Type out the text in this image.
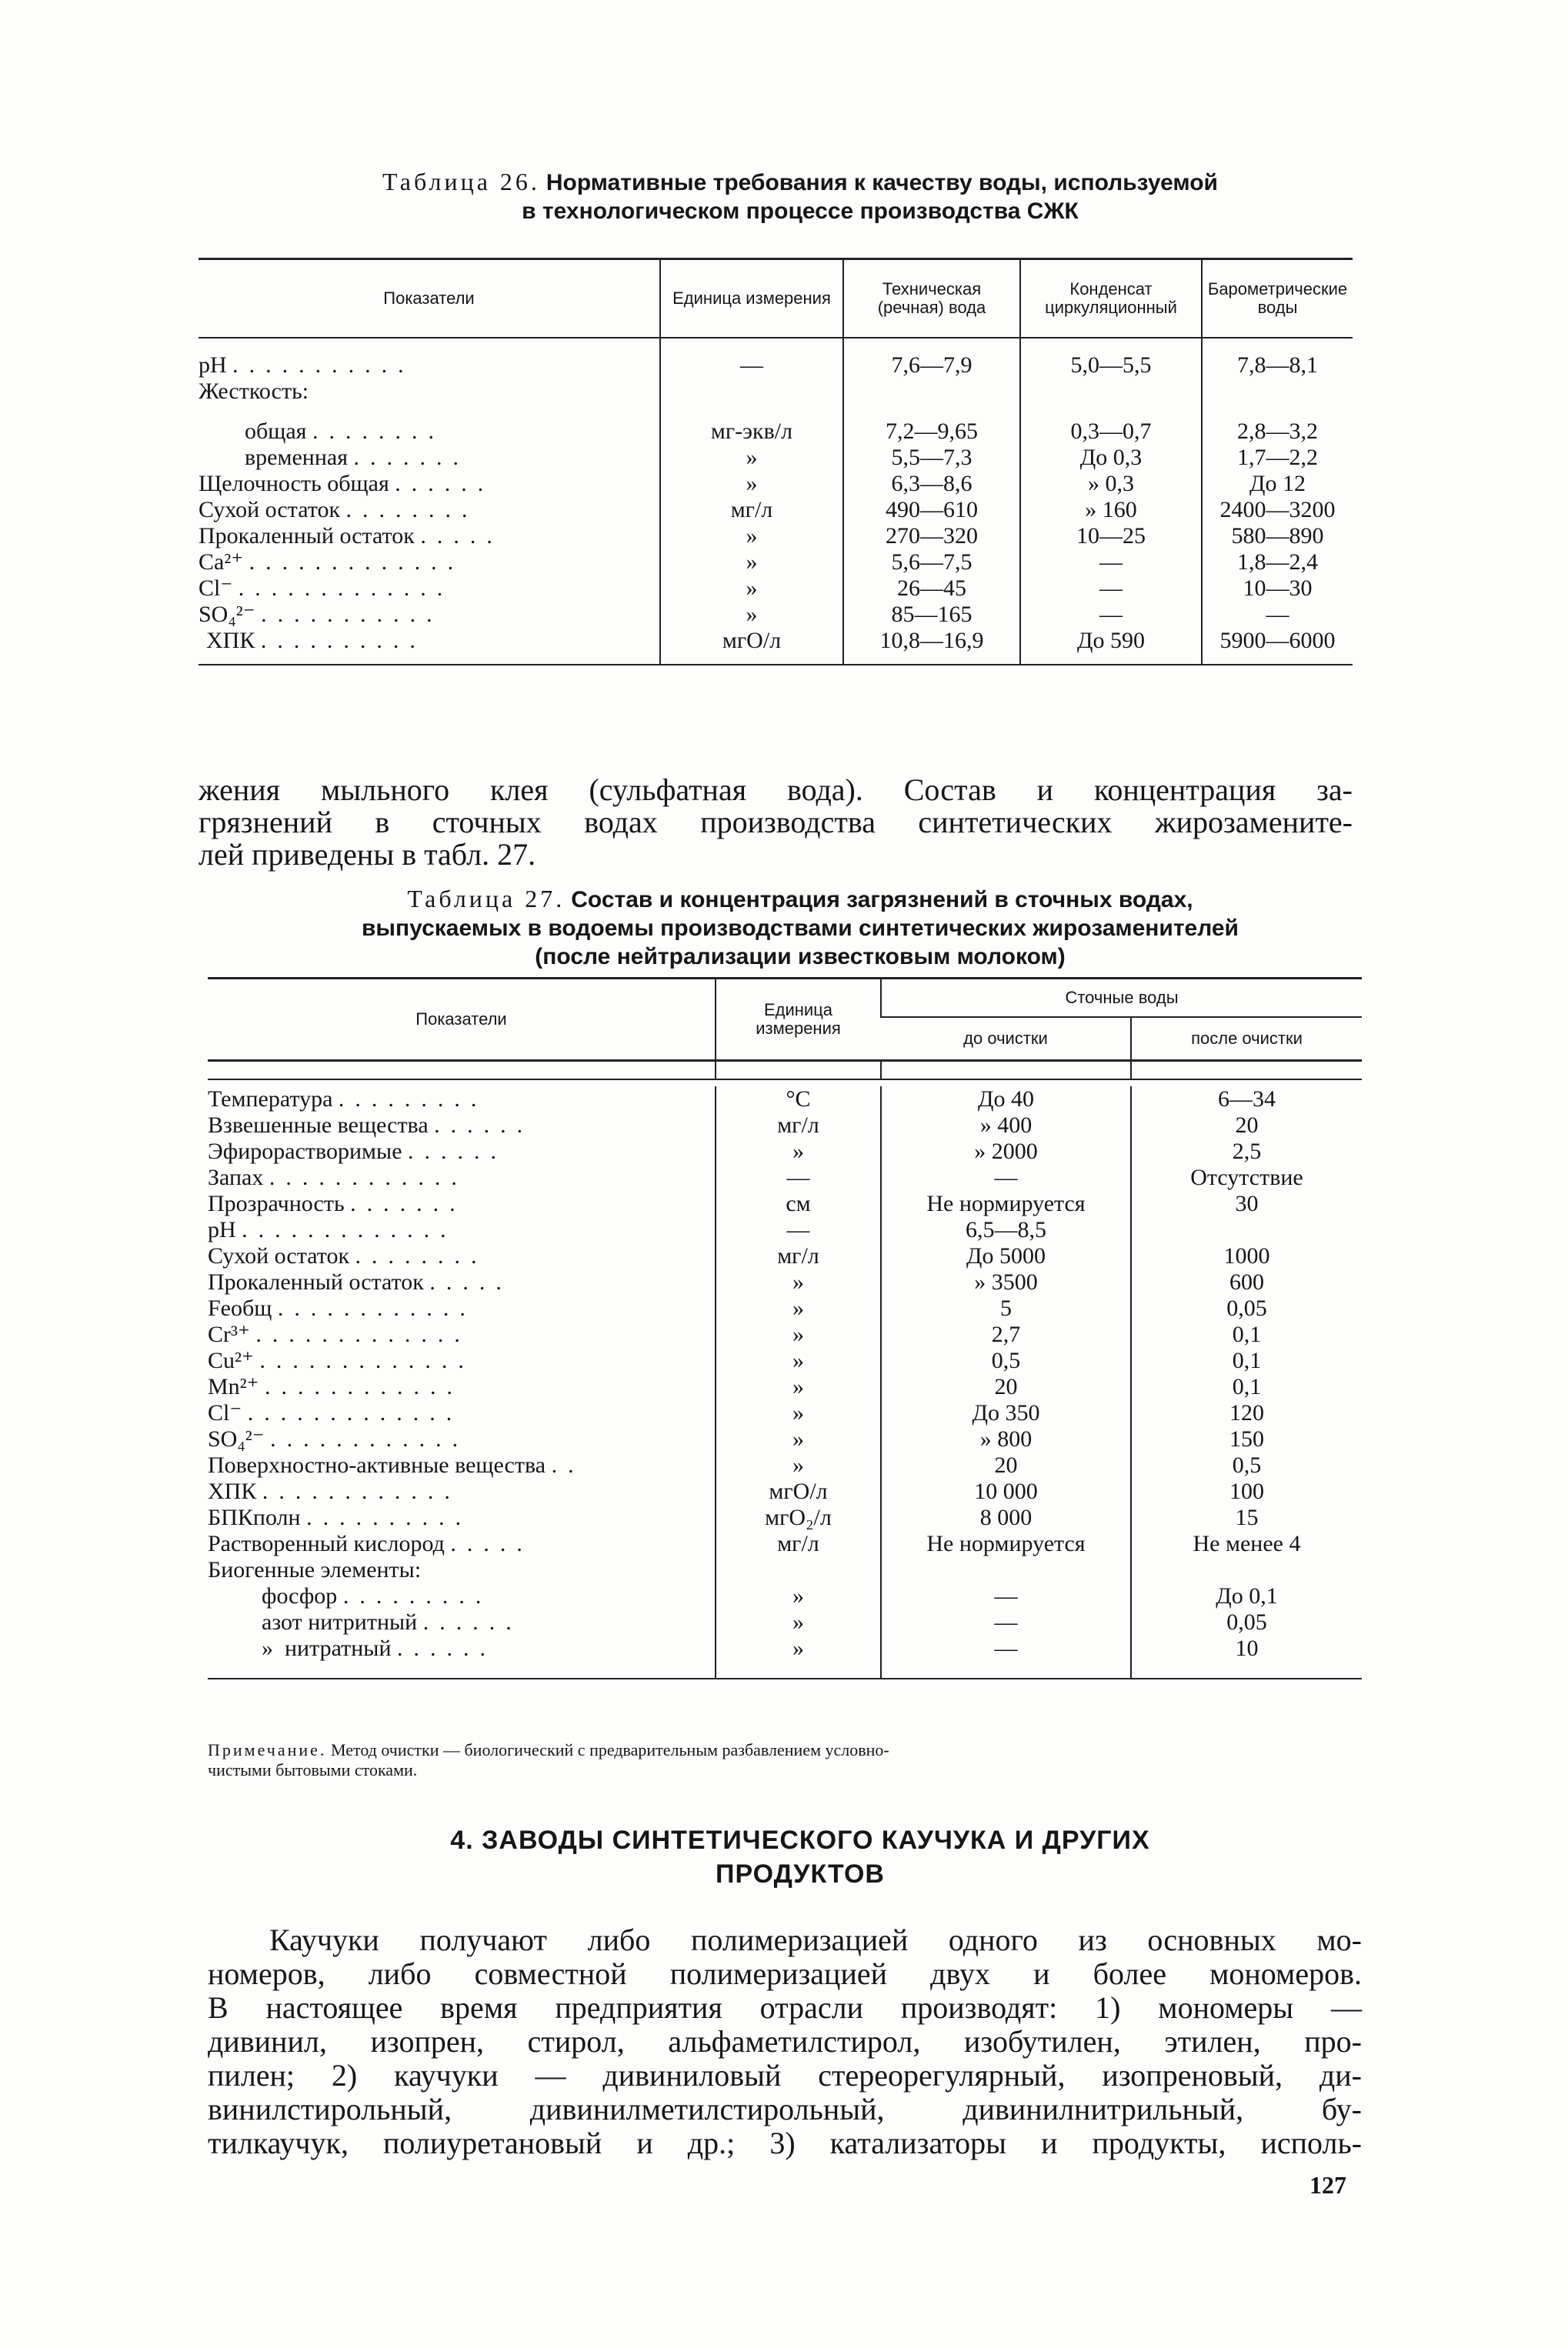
Таблица 26. Нормативные требования к качеству воды, используемой
в технологическом процессе производства СЖК
Показатели	Единица измерения	Техническая (речная) вода	Конденсат циркуляционный	Барометрические воды

pH ...........	—	7,6—7,9	5,0—5,5	7,8—8,1
Жесткость:				

общая ........	мг-экв/л	7,2—9,65	0,3—0,7	2,8—3,2
временная .......	»	5,5—7,3	До 0,3	1,7—2,2
Щелочность общая ......	»	6,3—8,6	» 0,3	До 12
Сухой остаток ........	мг/л	490—610	» 160	2400—3200
Прокаленный остаток .....	»	270—320	10—25	580—890
Ca²⁺ .............	»	5,6—7,5	—	1,8—2,4
Cl⁻ .............	»	26—45	—	10—30
SO₄²⁻ ...........	»	85—165	—	—
ХПК ..........	мгО/л	10,8—16,9	До 590	5900—6000

жения мыльного клея (сульфатная вода). Состав и концентрация за-

грязнений в сточных водах производства синтетических жирозамените-

лей приведены в табл. 27.

Таблица 27. Состав и концентрация загрязнений в сточных водах,
выпускаемых в водоемы производствами синтетических жирозаменителей
(после нейтрализации известковым молоком)
Показатели	Единица измерения	Сточные воды	
		до очистки	после очистки

Температура .........	°C	До 40	6—34
Взвешенные вещества ......	мг/л	» 400	20
Эфирорастворимые ......	»	» 2000	2,5
Запах ............	—	—	Отсутствие
Прозрачность .......	см	Не нормируется	30
pH .............	—	6,5—8,5	
Сухой остаток ........	мг/л	До 5000	1000
Прокаленный остаток .....	»	» 3500	600
Feобщ ............	»	5	0,05
Cr³⁺ .............	»	2,7	0,1
Cu²⁺ .............	»	0,5	0,1
Mn²⁺ ............	»	20	0,1
Cl⁻ .............	»	До 350	120
SO₄²⁻ ............	»	» 800	150
Поверхностно-активные вещества ..	»	20	0,5
ХПК ............	мгО/л	10 000	100
БПКполн ..........	мгО₂/л	8 000	15
Растворенный кислород .....	мг/л	Не нормируется	Не менее 4
Биогенные элементы:			
фосфор .........	»	—	До 0,1
азот нитритный ......	»	—	0,05
»  нитратный ......	»	—	10

Примечание. Метод очистки — биологический с предварительным разбавлением условно-
чистыми бытовыми стоками.
4. ЗАВОДЫ СИНТЕТИЧЕСКОГО КАУЧУКА И ДРУГИХ
ПРОДУКТОВ

Каучуки получают либо полимеризацией одного из основных мо-

номеров, либо совместной полимеризацией двух и более мономеров.

В настоящее время предприятия отрасли производят: 1) мономеры —

дивинил, изопрен, стирол, альфаметилстирол, изобутилен, этилен, про-

пилен; 2) каучуки — дивиниловый стереорегулярный, изопреновый, ди-

винилстирольный, дивинилметилстирольный, дивинилнитрильный, бу-

тилкаучук, полиуретановый и др.; 3) катализаторы и продукты, исполь-

127
